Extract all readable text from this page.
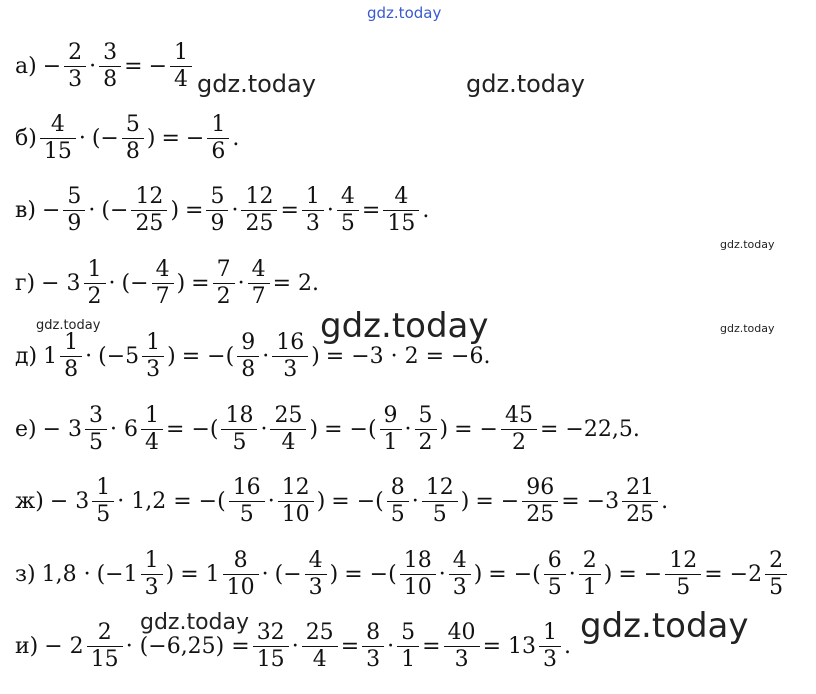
$а) - \frac{2}{3} \cdot \frac{3}{8}$ = − $\frac{1}{4}$
$б) \frac{4}{15}$ · (− $\frac{5}{8}$ ) = − $\frac{1}{6}$ .
$в) - \frac{5}{9}$ · (− $\frac{12}{25}$ ) = $\frac{5}{9} \cdot \frac{12}{25} = \frac{1}{3} \cdot \frac{4}{5} = \frac{4}{15}$ .
$г) - 3 \frac{1}{2}$ · (− $\frac{4}{7}$ ) = $\frac{7}{2} \cdot \frac{4}{7} = 2$.
д) $1 \frac{1}{8} \cdot (-5 \frac{1}{3}$ ) = −( $\frac{9}{8} \cdot \frac{16}{3}$ ) = −3 · 2 = −6.
$е) - 3 \frac{3}{5} \cdot 6 \frac{1}{4}$ = −( $\frac{18}{5} \cdot \frac{25}{4}$ ) = −( $\frac{9}{1} \cdot \frac{5}{2}$ ) = − $\frac{45}{2} = -22,5$.
$ж) - 3 \frac{1}{5} \cdot 1,2$ = −( $\frac{16}{5} \cdot \frac{12}{10}$ ) = −( $\frac{8}{5} \cdot \frac{12}{5}$ ) = − $\frac{96}{25} = -3 \frac{21}{25}$ .
з) $1,8 \cdot (-1 \frac{1}{3}$ ) = $1 \frac{8}{10}$ · (− $\frac{4}{3}$ ) = −( $\frac{18}{10} \cdot \frac{4}{3}$ ) = −( $\frac{6}{5} \cdot \frac{2}{1}$ ) = − $\frac{12}{5} = -2 \frac{2}{5}$
$и) - 2 \frac{2}{15} \cdot (-6,25) = \frac{32}{15} \cdot \frac{25}{4} = \frac{8}{3} \cdot \frac{5}{1} = \frac{40}{3} = 13 \frac{1}{3}$ .
gdz.today
gdz.today	gdz.today
gdz.today
gdz.today	gdz.today	gdz.today
gdz.today	gdz.today
